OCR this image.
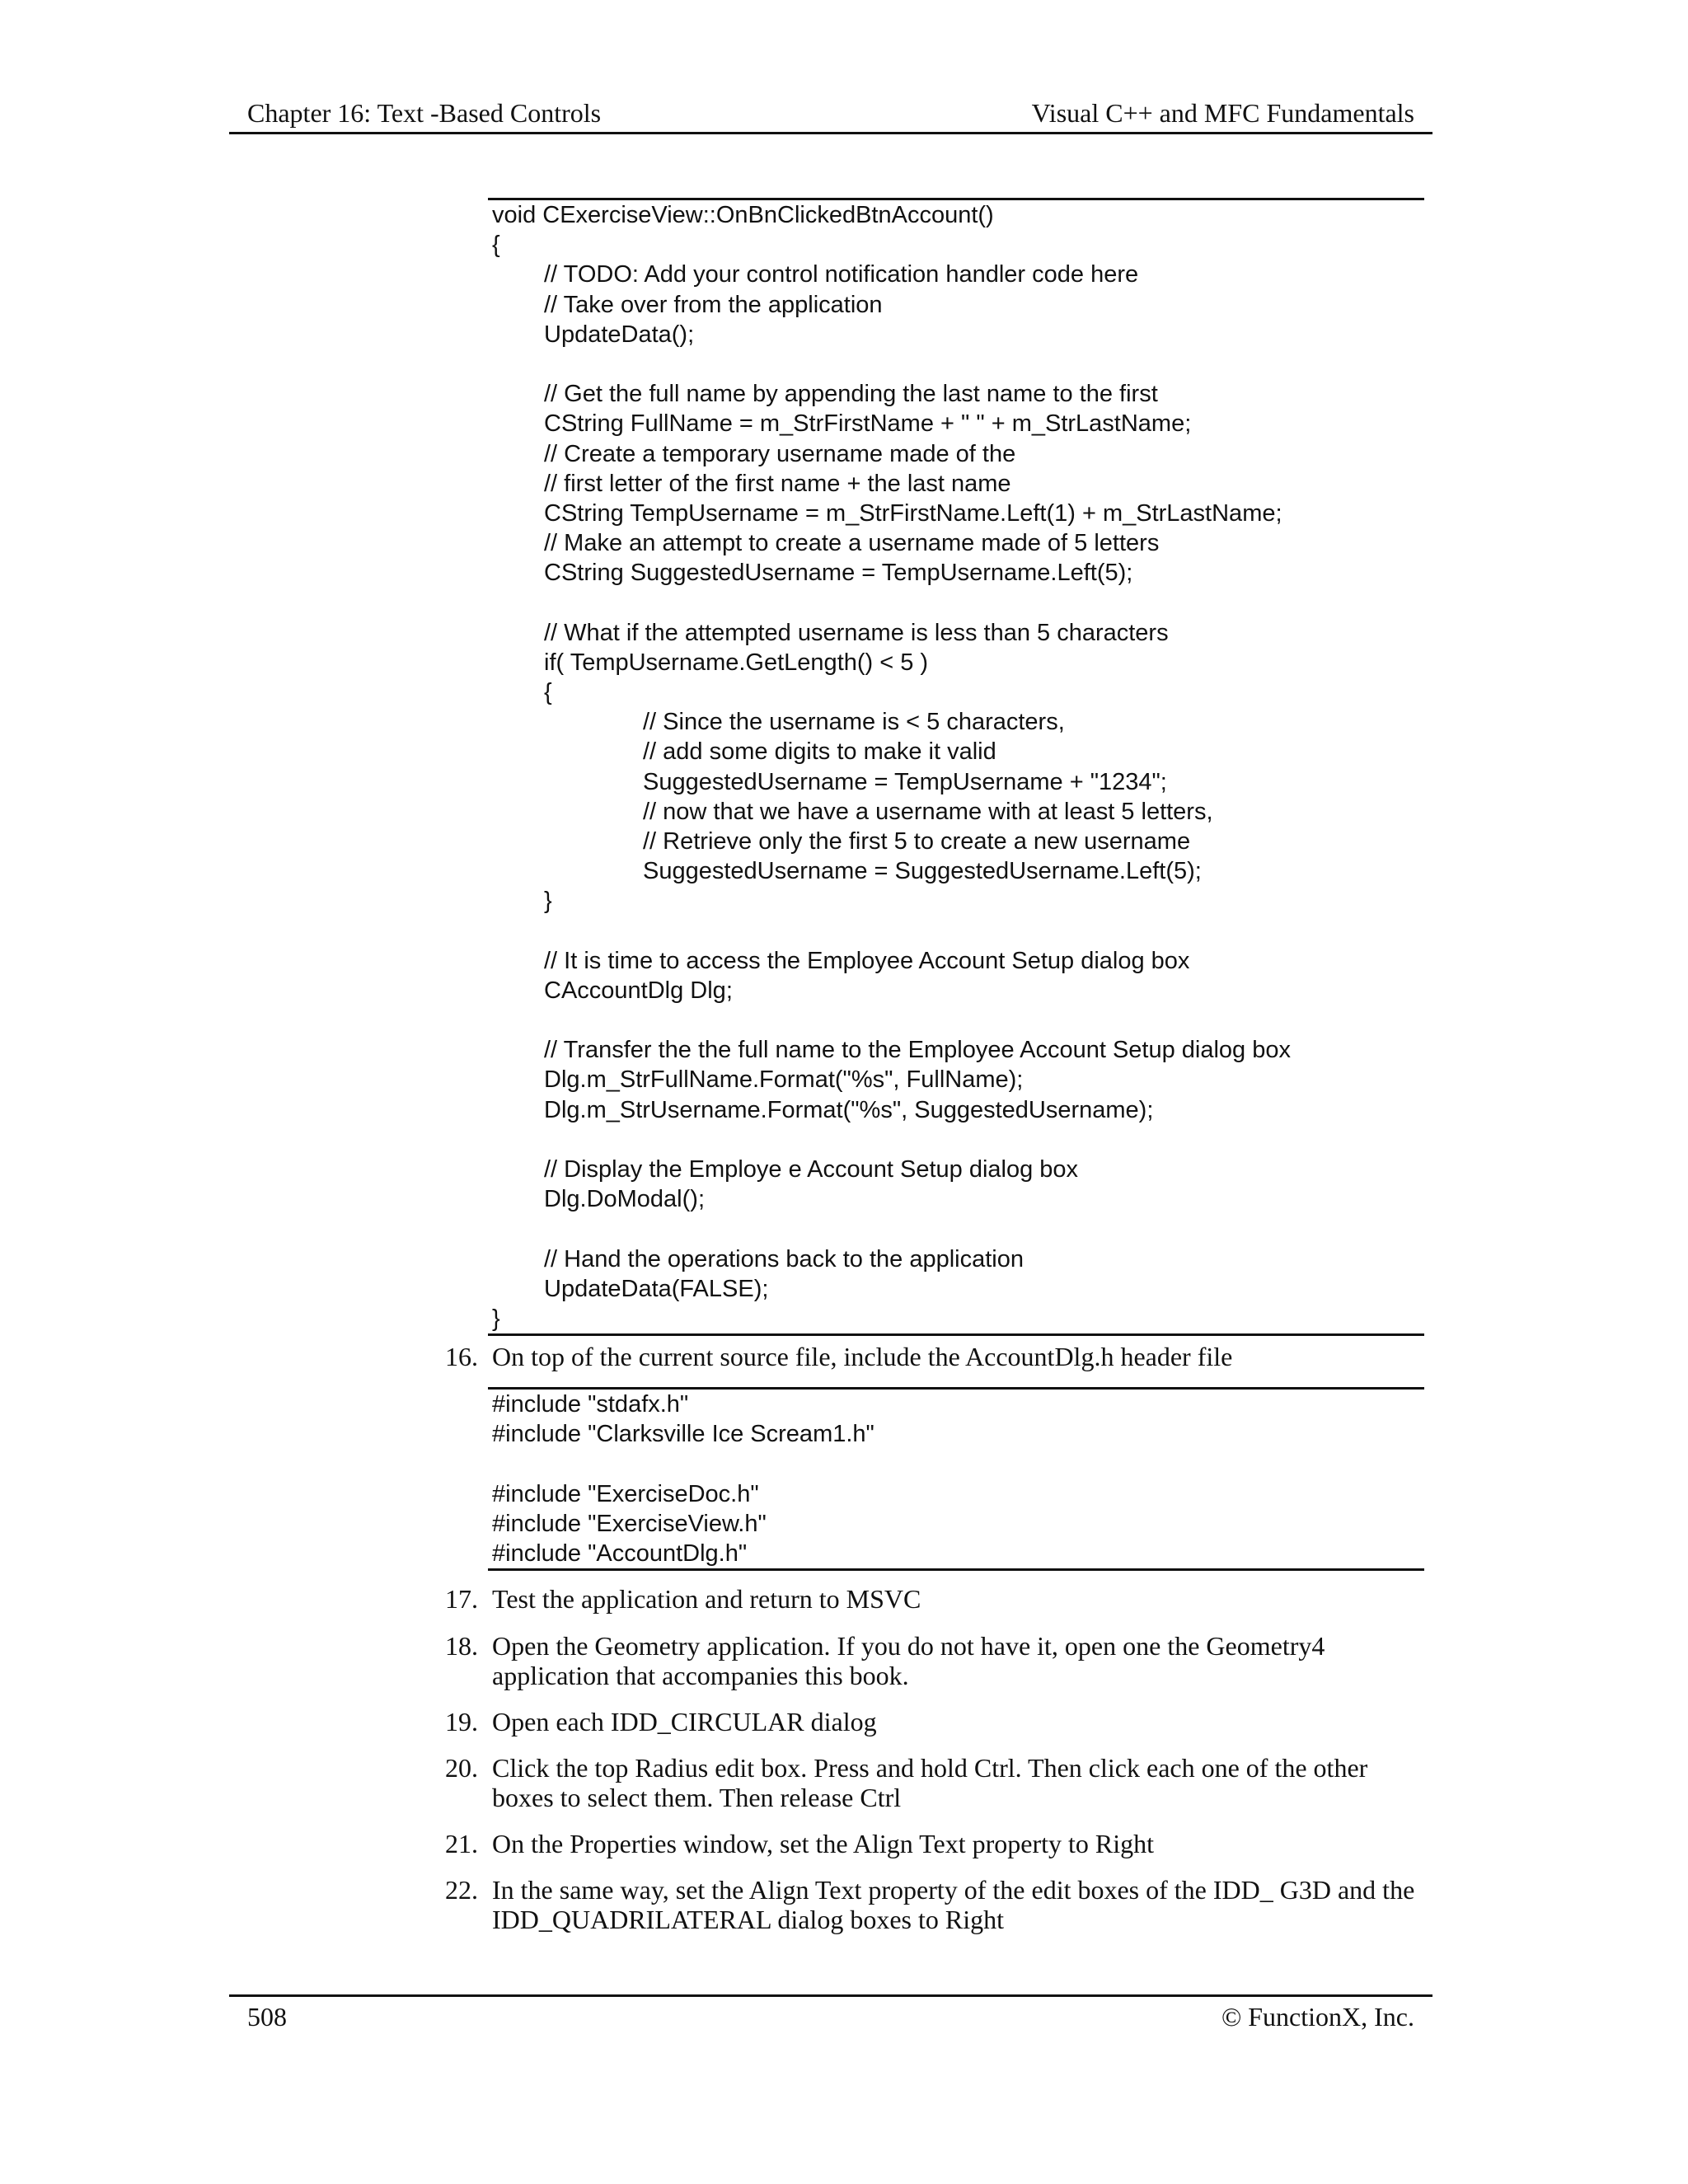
Chapter 16: Text -Based Controls	Visual C++ and MFC Fundamentals
void CExerciseView::OnBnClickedBtnAccount()
{
// TODO: Add your control notification handler code here
// Take over from the application
UpdateData();
// Get the full name by appending the last name to the first
CString FullName = m_StrFirstName + " " + m_StrLastName;
// Create a temporary username made of the
// first letter of the first name + the last name
CString TempUsername = m_StrFirstName.Left(1) + m_StrLastName;
// Make an attempt to create a username made of 5 letters
CString SuggestedUsername = TempUsername.Left(5);
// What if the attempted username is less than 5 characters
if( TempUsername.GetLength() < 5 )
{
// Since the username is < 5 characters,
// add some digits to make it valid
SuggestedUsername = TempUsername + "1234";
// now that we have a username with at least 5 letters,
// Retrieve only the first 5 to create a new username
SuggestedUsername = SuggestedUsername.Left(5);
}
// It is time to access the Employee Account Setup dialog box
CAccountDlg Dlg;
// Transfer the the full name to the Employee Account Setup dialog box
Dlg.m_StrFullName.Format("%s", FullName);
Dlg.m_StrUsername.Format("%s", SuggestedUsername);
// Display the Employe e Account Setup dialog box
Dlg.DoModal();
// Hand the operations back to the application
UpdateData(FALSE);
}
16. On top of the current source file, include the AccountDlg.h header file
#include "stdafx.h"
#include "Clarksville Ice Scream1.h"
#include "ExerciseDoc.h"
#include "ExerciseView.h"
#include "AccountDlg.h"
17. Test the application and return to MSVC
18. Open the Geometry application. If you do not have it, open one the Geometry4 application that accompanies this book.
19. Open each IDD_CIRCULAR dialog
20. Click the top Radius edit box. Press and hold Ctrl. Then click each one of the other boxes to select them. Then release Ctrl
21. On the Properties window, set the Align Text property to Right
22. In the same way, set the Align Text property of the edit boxes of the IDD_ G3D and the IDD_QUADRILATERAL dialog boxes to Right
508	© FunctionX, Inc.
